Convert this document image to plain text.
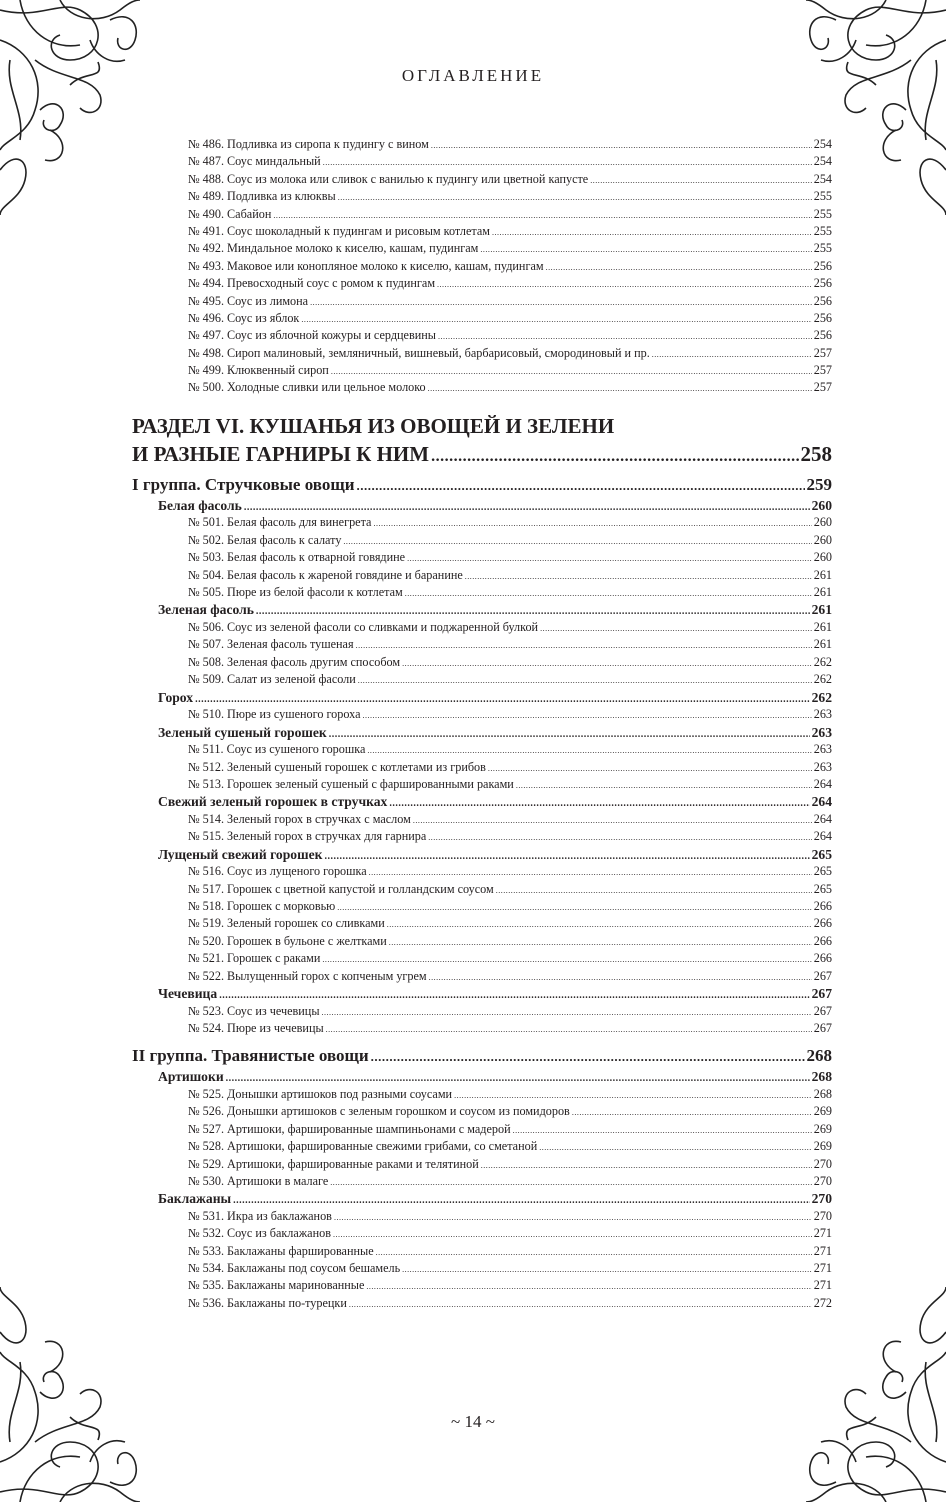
ОГЛАВЛЕНИЕ
№ 486. Подливка из сиропа к пудингу с вином .....	254
№ 487. Соус миндальный .....	254
№ 488. Соус из молока или сливок с ванилью к пудингу или цветной капусте .....	254
№ 489. Подливка из клюквы .....	255
№ 490. Сабайон .....	255
№ 491. Соус шоколадный к пудингам и рисовым котлетам .....	255
№ 492. Миндальное молоко к киселю, кашам, пудингам .....	255
№ 493. Маковое или конопляное молоко к киселю, кашам, пудингам .....	256
№ 494. Превосходный соус с ромом к пудингам .....	256
№ 495. Соус из лимона .....	256
№ 496. Соус из яблок .....	256
№ 497. Соус из яблочной кожуры и сердцевины .....	256
№ 498. Сироп малиновый, земляничный, вишневый, барбарисовый, смородиновый и пр. .....	257
№ 499. Клюквенный сироп .....	257
№ 500. Холодные сливки или цельное молоко .....	257
РАЗДЕЛ VI. КУШАНЬЯ ИЗ ОВОЩЕЙ И ЗЕЛЕНИ
И РАЗНЫЕ ГАРНИРЫ К НИМ .....	258
I группа. Стручковые овощи .....	259
Белая фасоль .....	260
№ 501. Белая фасоль для винегрета .....	260
№ 502. Белая фасоль к салату .....	260
№ 503. Белая фасоль к отварной говядине .....	260
№ 504. Белая фасоль к жареной говядине и баранине .....	261
№ 505. Пюре из белой фасоли к котлетам .....	261
Зеленая фасоль .....	261
№ 506. Соус из зеленой фасоли со сливками и поджаренной булкой .....	261
№ 507. Зеленая фасоль тушеная .....	261
№ 508. Зеленая фасоль другим способом .....	262
№ 509. Салат из зеленой фасоли .....	262
Горох .....	262
№ 510. Пюре из сушеного гороха .....	263
Зеленый сушеный горошек .....	263
№ 511. Соус из сушеного горошка .....	263
№ 512. Зеленый сушеный горошек с котлетами из грибов .....	263
№ 513. Горошек зеленый сушеный с фаршированными раками .....	264
Свежий зеленый горошек в стручках .....	264
№ 514. Зеленый горох в стручках с маслом .....	264
№ 515. Зеленый горох в стручках для гарнира .....	264
Лущеный свежий горошек .....	265
№ 516. Соус из лущеного горошка .....	265
№ 517. Горошек с цветной капустой и голландским соусом .....	265
№ 518. Горошек с морковью .....	266
№ 519. Зеленый горошек со сливками .....	266
№ 520. Горошек в бульоне с желтками .....	266
№ 521. Горошек с раками .....	266
№ 522. Вылущенный горох с копченым угрем .....	267
Чечевица .....	267
№ 523. Соус из чечевицы .....	267
№ 524. Пюре из чечевицы .....	267
II группа. Травянистые овощи .....	268
Артишоки .....	268
№ 525. Донышки артишоков под разными соусами .....	268
№ 526. Донышки артишоков с зеленым горошком и соусом из помидоров .....	269
№ 527. Артишоки, фаршированные шампиньонами с мадерой .....	269
№ 528. Артишоки, фаршированные свежими грибами, со сметаной .....	269
№ 529. Артишоки, фаршированные раками и телятиной .....	270
№ 530. Артишоки в малаге .....	270
Баклажаны .....	270
№ 531. Икра из баклажанов .....	270
№ 532. Соус из баклажанов .....	271
№ 533. Баклажаны фаршированные .....	271
№ 534. Баклажаны под соусом бешамель .....	271
№ 535. Баклажаны маринованные .....	271
№ 536. Баклажаны по-турецки .....	272
~ 14 ~
